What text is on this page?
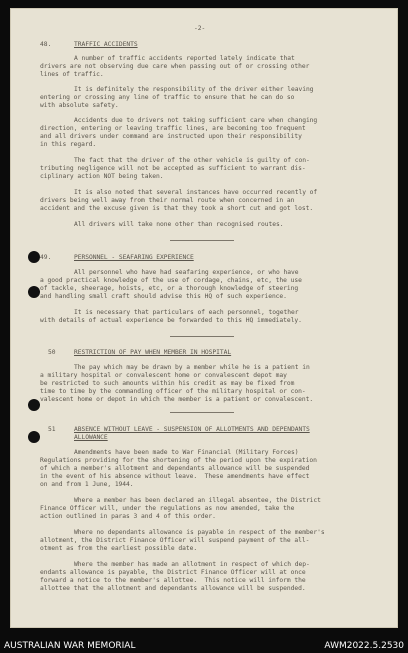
-2-
48.	TRAFFIC ACCIDENTS
A number of traffic accidents reported lately indicate that
drivers are not observing due care when passing out of or crossing other
lines of traffic.
It is definitely the responsibility of the driver either leaving
entering or crossing any line of traffic to ensure that he can do so
with absolute safety.
Accidents due to drivers not taking sufficient care when changing
direction, entering or leaving traffic lines, are becoming too frequent
and all drivers under command are instructed upon their responsibility
in this regard.
The fact that the driver of the other vehicle is guilty of con-
tributing negligence will not be accepted as sufficient to warrant dis-
ciplinary action NOT being taken.
It is also noted that several instances have occurred recently of
drivers being well away from their normal route when concerned in an
accident and the excuse given is that they took a short cut and got lost.
All drivers will take none other than recognised routes.
49.	PERSONNEL - SEAFARING EXPERIENCE
All personnel who have had seafaring experience, or who have
a good practical knowledge of the use of cordage, chains, etc, the use
of tackle, sheerage, hoists, etc, or a thorough knowledge of steering
and handling small craft should advise this HQ of such experience.
It is necessary that particulars of each personnel, together
with details of actual experience be forwarded to this HQ immediately.
50	RESTRICTION OF PAY WHEN MEMBER IN HOSPITAL
The pay which may be drawn by a member while he is a patient in
a military hospital or convalescent home or convalescent depot may
be restricted to such amounts within his credit as may be fixed from
time to time by the commanding officer of the military hospital or con-
valescent home or depot in which the member is a patient or convalescent.
51	ABSENCE WITHOUT LEAVE - SUSPENSION OF ALLOTMENTS AND DEPENDANTS
ALLOWANCE
Amendments have been made to War Financial (Military Forces)
Regulations providing for the shortening of the period upon the expiration
of which a member's allotment and dependants allowance will be suspended
in the event of his absence without leave.  These amendments have effect
on and from 1 June, 1944.
Where a member has been declared an illegal absentee, the District
Finance Officer will, under the regulations as now amended, take the
action outlined in paras 3 and 4 of this order.
Where no dependants allowance is payable in respect of the member's
allotment, the District Finance Officer will suspend payment of the all-
otment as from the earliest possible date.
Where the member has made an allotment in respect of which dep-
endants allowance is payable, the District Finance Officer will at once
forward a notice to the member's allottee.  This notice will inform the
allottee that the allotment and dependants allowance will be suspended.
AUSTRALIAN WAR MEMORIAL	AWM2022.5.2530
